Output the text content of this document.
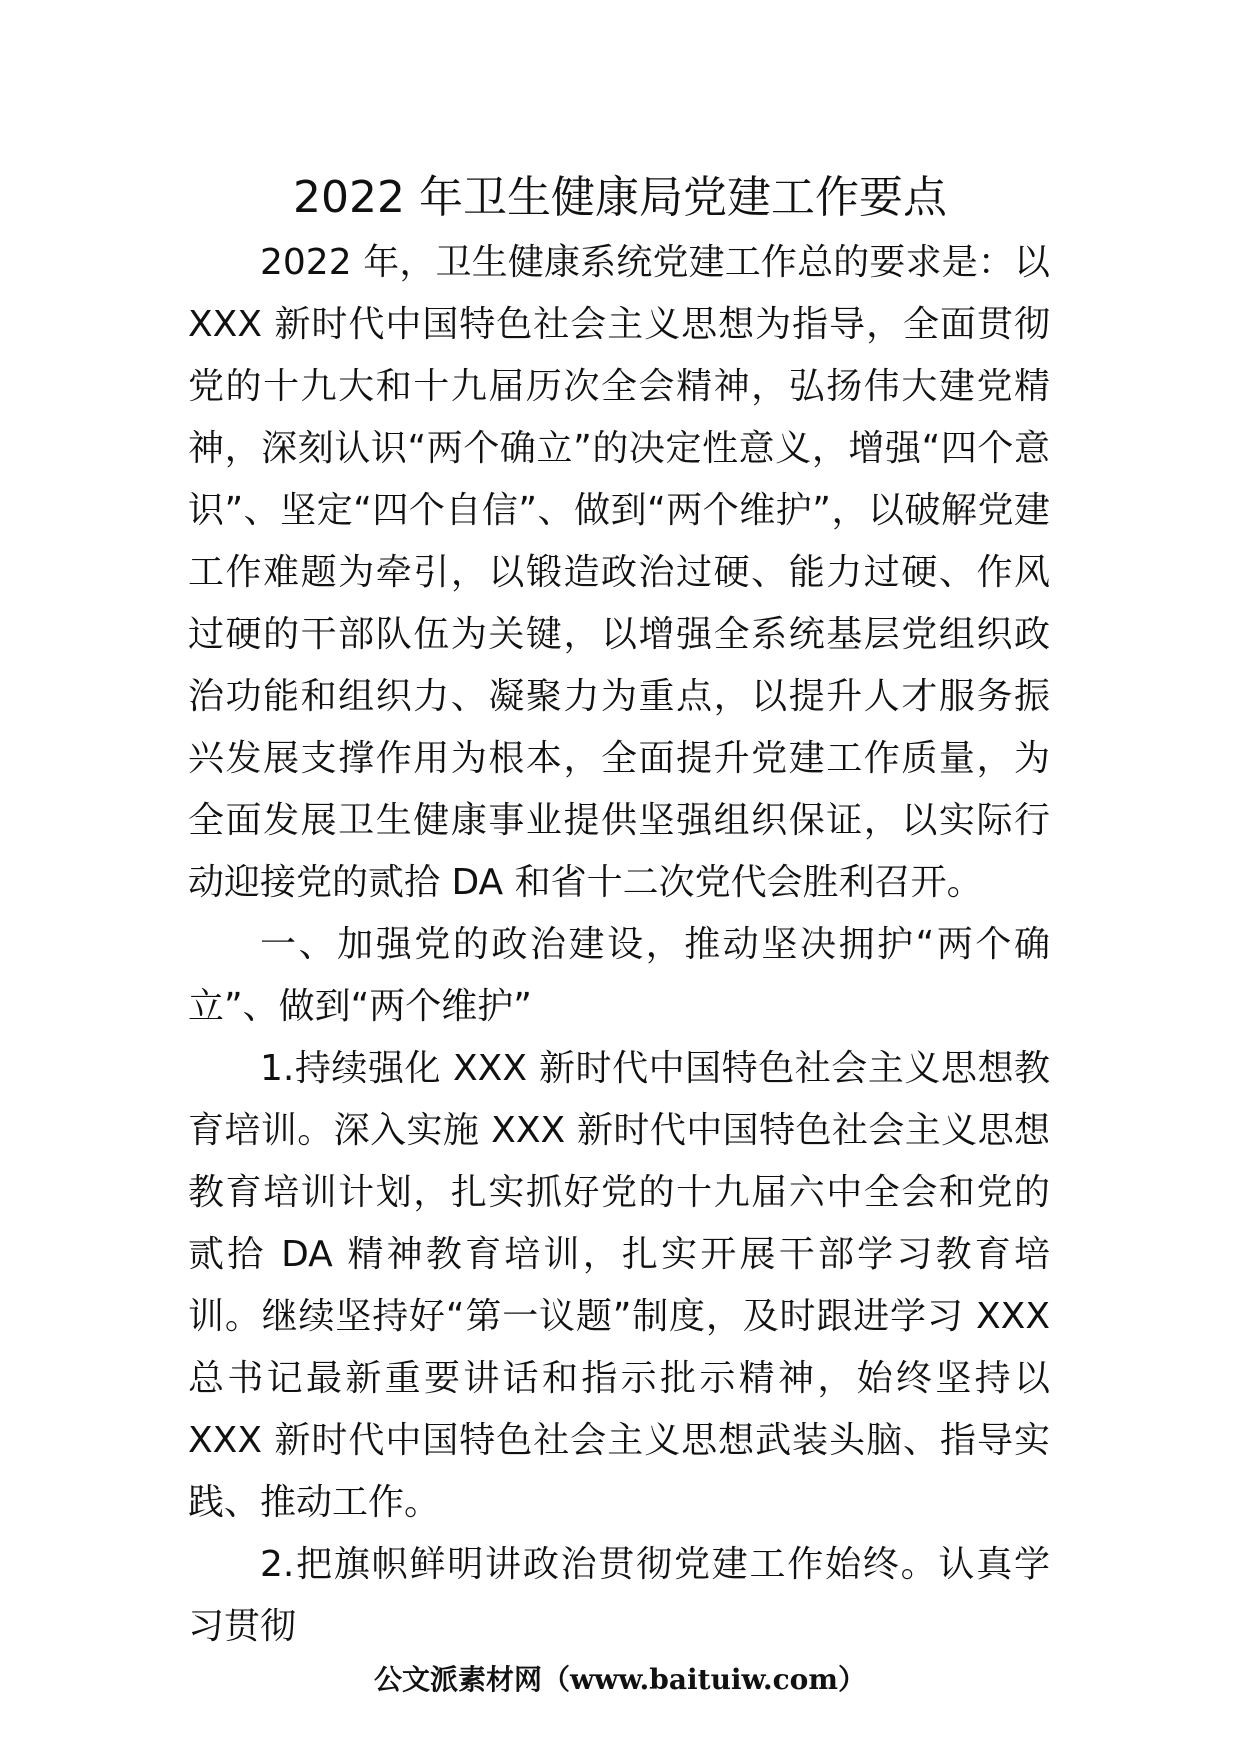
2022 年卫生健康局党建工作要点

2022 年，卫生健康系统党建工作总的要求是：以 XXX 新时代中国特色社会主义思想为指导，全面贯彻党的十九大和十九届历次全会精神，弘扬伟大建党精神，深刻认识“两个确立”的决定性意义，增强“四个意识”、坚定“四个自信”、做到“两个维护”，以破解党建工作难题为牵引，以锻造政治过硬、能力过硬、作风过硬的干部队伍为关键，以增强全系统基层党组织政治功能和组织力、凝聚力为重点，以提升人才服务振兴发展支撑作用为根本，全面提升党建工作质量，为全面发展卫生健康事业提供坚强组织保证，以实际行动迎接党的贰拾 DA 和省十二次党代会胜利召开。

一、加强党的政治建设，推动坚决拥护“两个确立”、做到“两个维护”

1.持续强化 XXX 新时代中国特色社会主义思想教育培训。深入实施 XXX 新时代中国特色社会主义思想教育培训计划，扎实抓好党的十九届六中全会和党的贰拾 DA 精神教育培训，扎实开展干部学习教育培训。继续坚持好“第一议题”制度，及时跟进学习 XXX 总书记最新重要讲话和指示批示精神，始终坚持以 XXX 新时代中国特色社会主义思想武装头脑、指导实践、推动工作。

2.把旗帜鲜明讲政治贯彻党建工作始终。认真学习贯彻

公文派素材网（www.baituiw.com）
